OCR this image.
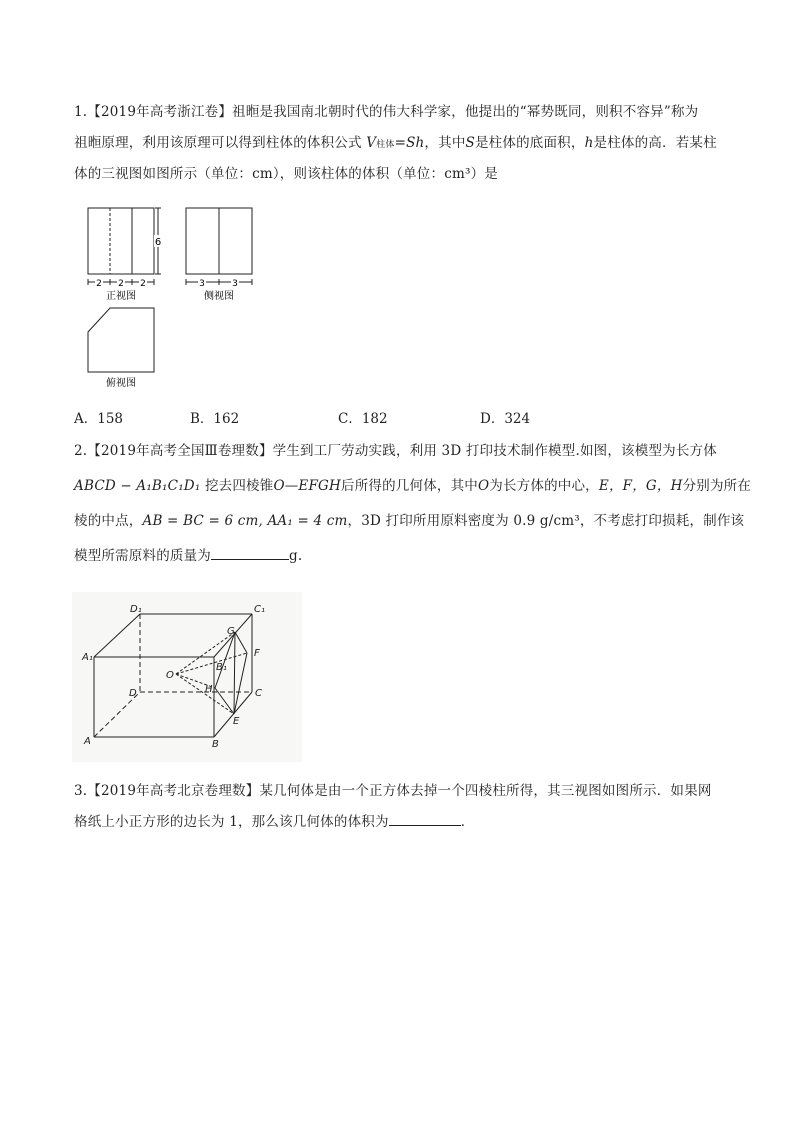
1.【2019年高考浙江卷】祖暅是我国南北朝时代的伟大科学家，他提出的“幂势既同，则积不容异”称为
祖暅原理，利用该原理可以得到柱体的体积公式 V柱体=Sh，其中S是柱体的底面积，h是柱体的高．若某柱
体的三视图如图所示（单位：cm），则该柱体的体积（单位：cm³）是
6
2 2 2
正视图
3	3
侧视图
俯视图
A．158	B．162	C．182	D．324
2.【2019年高考全国Ⅲ卷理数】学生到工厂劳动实践，利用 3D 打印技术制作模型.如图，该模型为长方体
ABCD − A₁B₁C₁D₁ 挖去四棱锥O—EFGH后所得的几何体，其中O为长方体的中心，E，F，G，H分别为所在
棱的中点，AB = BC = 6 cm, AA₁ = 4 cm，3D 打印所用原料密度为 0.9 g/cm³，不考虑打印损耗，制作该
模型所需原料的质量为	g.
D₁	C₁
A₁
G
B₁
F
O
D	H	C
E
A	B
3.【2019年高考北京卷理数】某几何体是由一个正方体去掉一个四棱柱所得，其三视图如图所示．如果网
格纸上小正方形的边长为 1，那么该几何体的体积为	．
